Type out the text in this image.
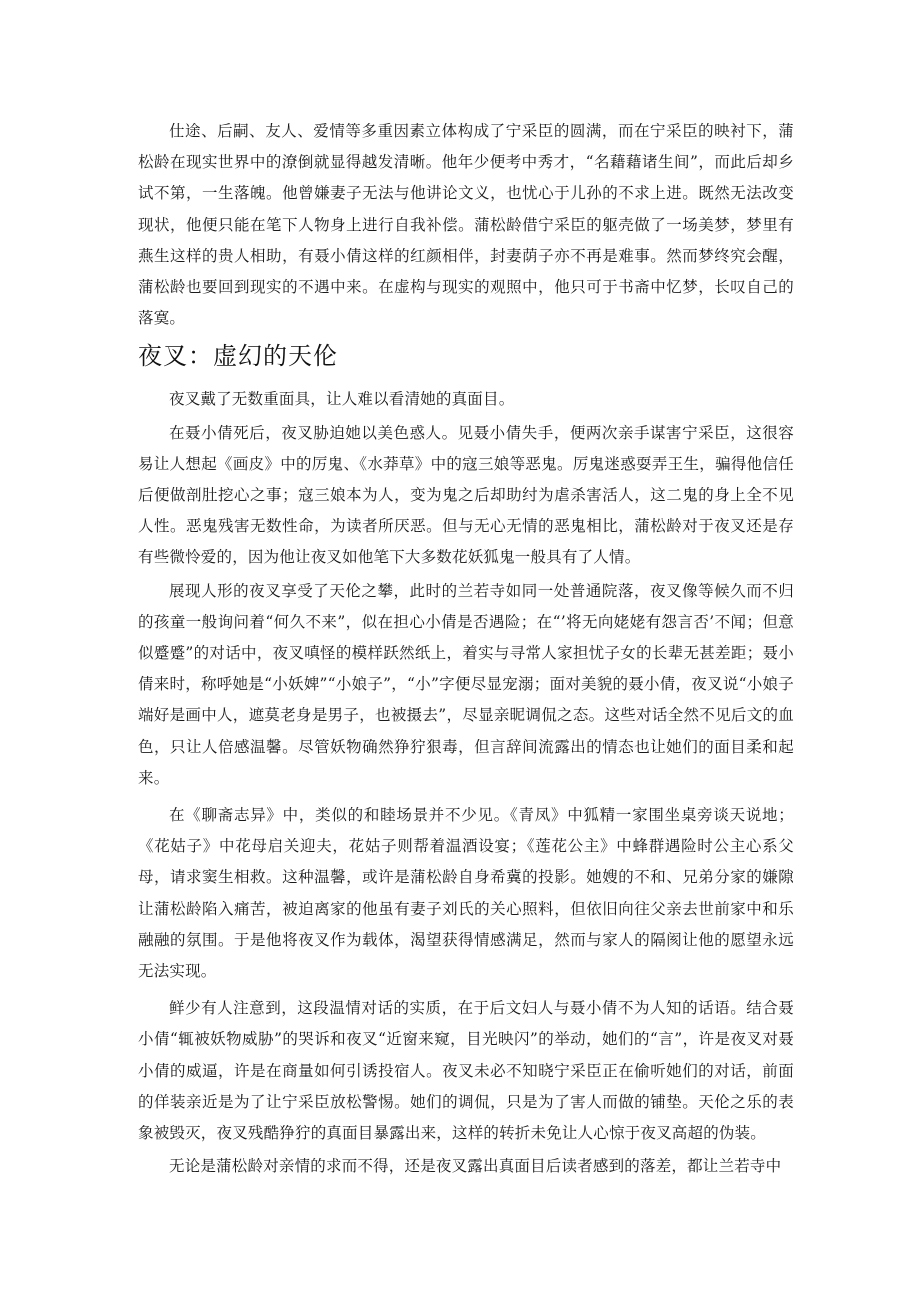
仕途、后嗣、友人、爱情等多重因素立体构成了宁采臣的圆满，而在宁采臣的映衬下，蒲松龄在现实世界中的潦倒就显得越发清晰。他年少便考中秀才，“名藉藉诸生间”，而此后却乡试不第，一生落魄。他曾嫌妻子无法与他讲论文义，也忧心于儿孙的不求上进。既然无法改变现状，他便只能在笔下人物身上进行自我补偿。蒲松龄借宁采臣的躯壳做了一场美梦，梦里有燕生这样的贵人相助，有聂小倩这样的红颜相伴，封妻荫子亦不再是难事。然而梦终究会醒，蒲松龄也要回到现实的不遇中来。在虚构与现实的观照中，他只可于书斋中忆梦，长叹自己的落寞。

夜叉：虚幻的天伦

夜叉戴了无数重面具，让人难以看清她的真面目。

在聂小倩死后，夜叉胁迫她以美色惑人。见聂小倩失手，便两次亲手谋害宁采臣，这很容易让人想起《画皮》中的厉鬼、《水莽草》中的寇三娘等恶鬼。厉鬼迷惑耍弄王生，骗得他信任后便做剖肚挖心之事；寇三娘本为人，变为鬼之后却助纣为虐杀害活人，这二鬼的身上全不见人性。恶鬼残害无数性命，为读者所厌恶。但与无心无情的恶鬼相比，蒲松龄对于夜叉还是存有些微怜爱的，因为他让夜叉如他笔下大多数花妖狐鬼一般具有了人情。

展现人形的夜叉享受了天伦之攀，此时的兰若寺如同一处普通院落，夜叉像等候久而不归的孩童一般询问着“何久不来”，似在担心小倩是否遇险；在“’将无向姥姥有怨言否’不闻；但意似蹙蹙”的对话中，夜叉嗔怪的模样跃然纸上，着实与寻常人家担忧子女的长辈无甚差距；聂小倩来时，称呼她是“小妖婢”“小娘子”，“小”字便尽显宠溺；面对美貌的聂小倩，夜叉说“小娘子端好是画中人，遮莫老身是男子，也被摄去”，尽显亲昵调侃之态。这些对话全然不见后文的血色，只让人倍感温馨。尽管妖物确然狰狞狠毒，但言辞间流露出的情态也让她们的面目柔和起来。

在《聊斋志异》中，类似的和睦场景并不少见。《青凤》中狐精一家围坐桌旁谈天说地；《花姑子》中花母启关迎夫，花姑子则帮着温酒设宴；《莲花公主》中蜂群遇险时公主心系父母，请求窦生相救。这种温馨，或许是蒲松龄自身希冀的投影。她嫂的不和、兄弟分家的嫌隙让蒲松龄陷入痛苦，被迫离家的他虽有妻子刘氏的关心照料，但依旧向往父亲去世前家中和乐融融的氛围。于是他将夜叉作为载体，渴望获得情感满足，然而与家人的隔阂让他的愿望永远无法实现。

鲜少有人注意到，这段温情对话的实质，在于后文妇人与聂小倩不为人知的话语。结合聂小倩“辄被妖物威胁”的哭诉和夜叉“近窗来窥，目光映闪”的举动，她们的“言”，许是夜叉对聂小倩的威逼，许是在商量如何引诱投宿人。夜叉未必不知晓宁采臣正在偷听她们的对话，前面的佯装亲近是为了让宁采臣放松警惕。她们的调侃，只是为了害人而做的铺垫。天伦之乐的表象被毁灭，夜叉残酷狰狞的真面目暴露出来，这样的转折未免让人心惊于夜叉高超的伪装。

无论是蒲松龄对亲情的求而不得，还是夜叉露出真面目后读者感到的落差，都让兰若寺中
